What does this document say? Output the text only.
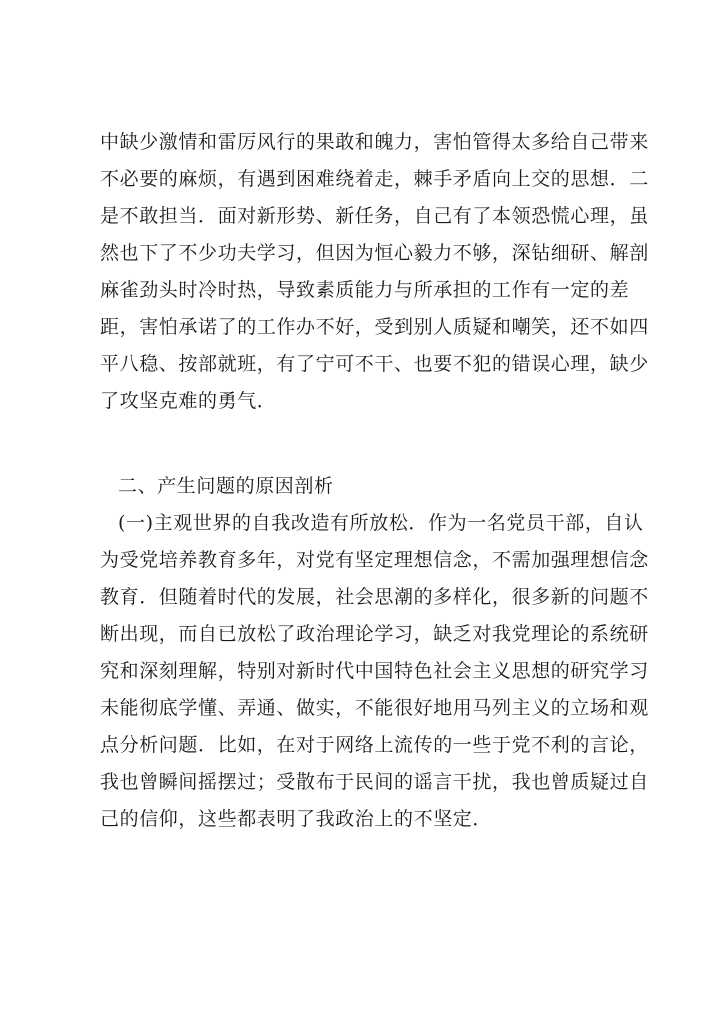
中缺少激情和雷厉风行的果敢和魄力，害怕管得太多给自己带来
不必要的麻烦，有遇到困难绕着走，棘手矛盾向上交的思想．二
是不敢担当．面对新形势、新任务，自己有了本领恐慌心理，虽
然也下了不少功夫学习，但因为恒心毅力不够，深钻细研、解剖
麻雀劲头时冷时热，导致素质能力与所承担的工作有一定的差
距，害怕承诺了的工作办不好，受到别人质疑和嘲笑，还不如四
平八稳、按部就班，有了宁可不干、也要不犯的错误心理，缺少
了攻坚克难的勇气．
二、产生问题的原因剖析
(一)主观世界的自我改造有所放松．作为一名党员干部，自认
为受党培养教育多年，对党有坚定理想信念，不需加强理想信念
教育．但随着时代的发展，社会思潮的多样化，很多新的问题不
断出现，而自已放松了政治理论学习，缺乏对我党理论的系统研
究和深刻理解，特别对新时代中国特色社会主义思想的研究学习
未能彻底学懂、弄通、做实，不能很好地用马列主义的立场和观
点分析问题．比如，在对于网络上流传的一些于党不利的言论，
我也曾瞬间摇摆过；受散布于民间的谣言干扰，我也曾质疑过自
己的信仰，这些都表明了我政治上的不坚定．
